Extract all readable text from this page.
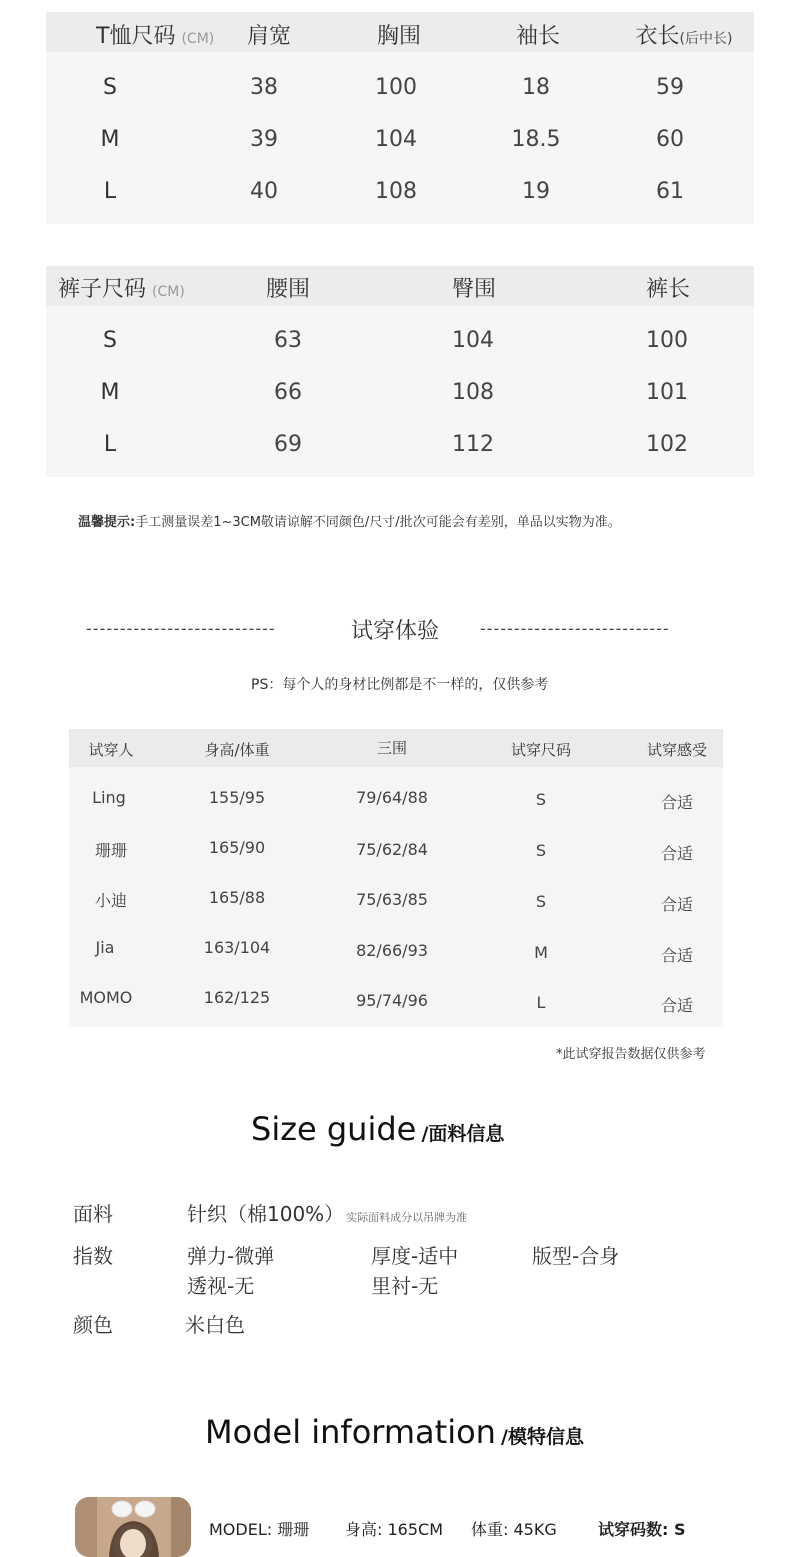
T恤尺码 (CM) 肩宽	胸围	袖长	衣长(后中长)
S	38	100	18	59
M	39	104	18.5	60
L	40	108	19	61
裤子尺码 (CM)	腰围	臀围	裤长
S	63	104	100
M	66	108	101
L	69	112	102
温馨提示:手工测量误差1~3CM敬请谅解不同颜色/尺寸/批次可能会有差别，单品以实物为准。
----------------------------	试穿体验	----------------------------
PS：每个人的身材比例都是不一样的，仅供参考
试穿人	身高/体重	三围	试穿尺码	试穿感受
Ling	155/95	79/64/88	S	合适
珊珊	165/90	75/62/84	S	合适
小迪	165/88	75/63/85	S	合适
Jia	163/104	82/66/93	M	合适
MOMO	162/125	95/74/96	L	合适
*此试穿报告数据仅供参考
Size guide /面料信息
面料	针织（棉100%） 实际面料成分以吊牌为准
指数	弹力-微弹	厚度-适中	版型-合身
透视-无	里衬-无
颜色	米白色
Model information /模特信息
MODEL: 珊珊 身高: 165CM 体重: 45KG	试穿码数: S
